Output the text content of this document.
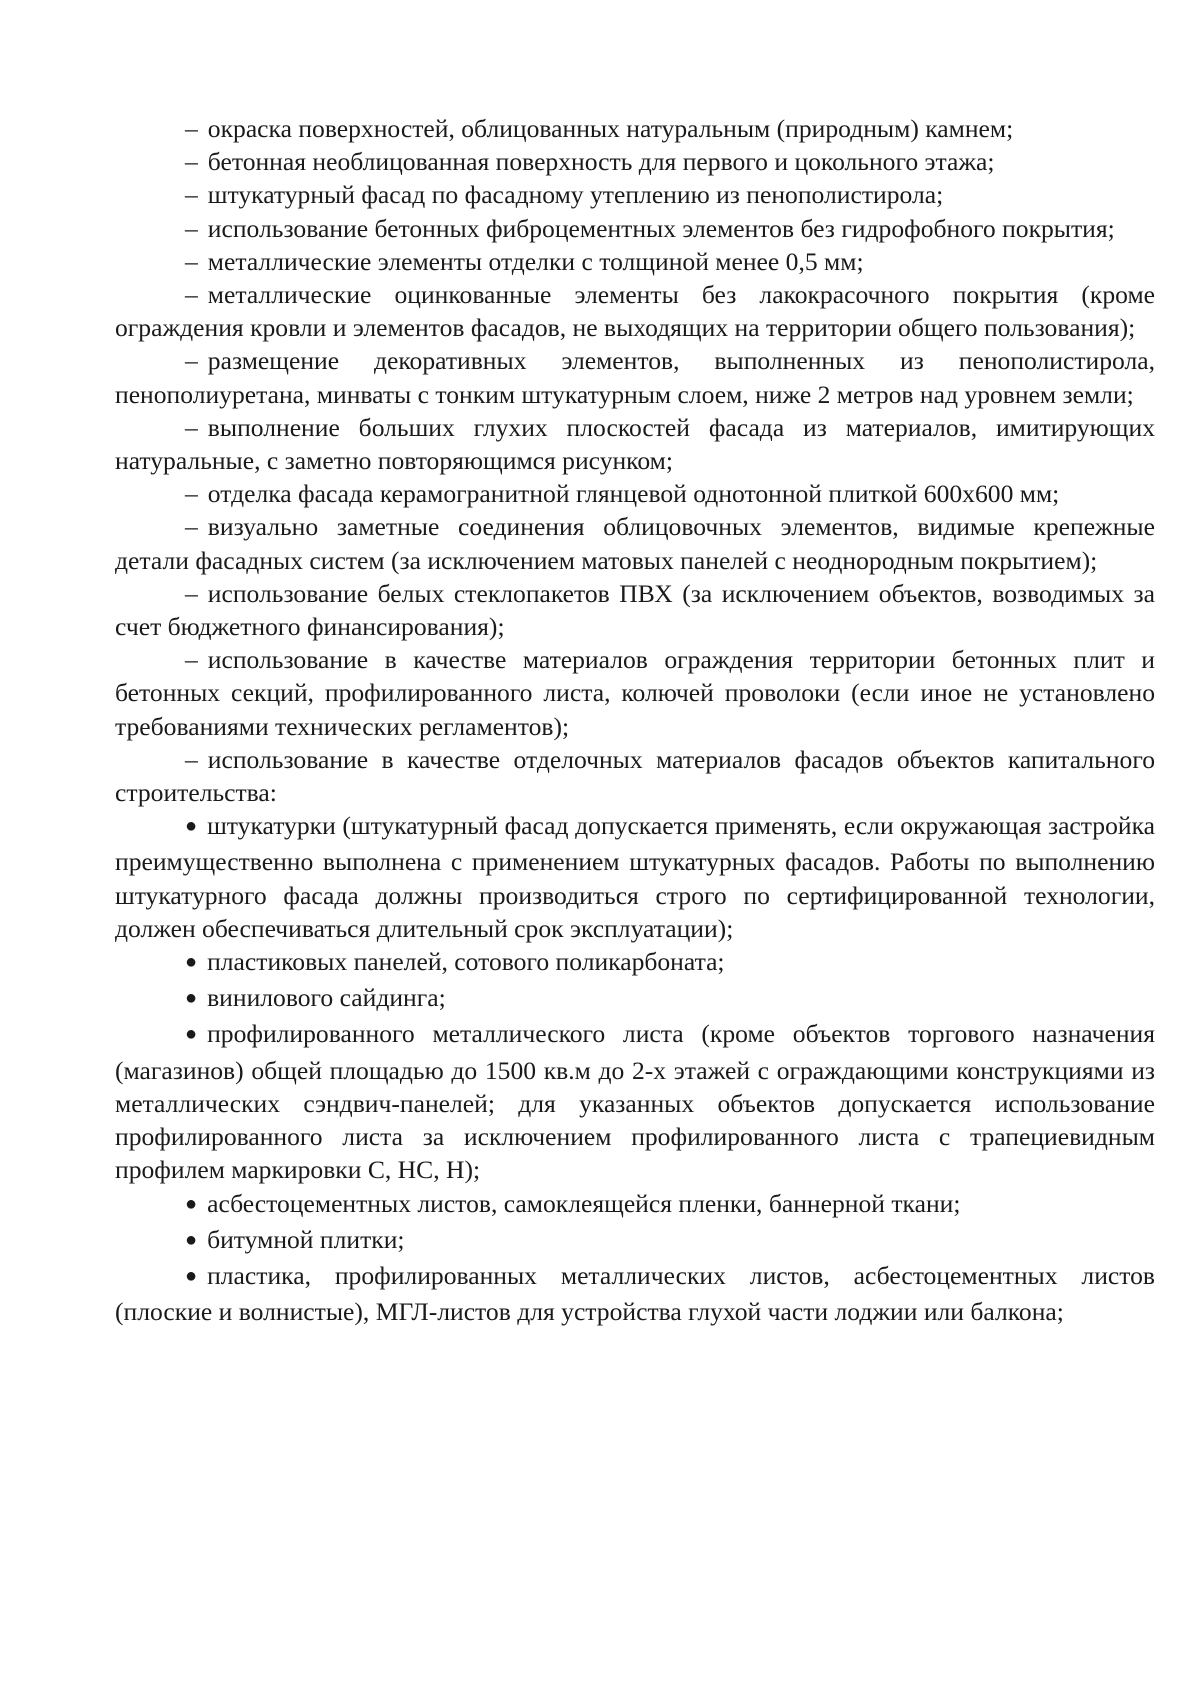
– окраска поверхностей, облицованных натуральным (природным) камнем;

– бетонная необлицованная поверхность для первого и цокольного этажа;

– штукатурный фасад по фасадному утеплению из пенополистирола;

– использование бетонных фиброцементных элементов без гидрофобного покрытия;

– металлические элементы отделки с толщиной менее 0,5 мм;

– металлические оцинкованные элементы без лакокрасочного покрытия (кроме ограждения кровли и элементов фасадов, не выходящих на территории общего пользования);

– размещение декоративных элементов, выполненных из пенополистирола, пенополиуретана, минваты с тонким штукатурным слоем, ниже 2 метров над уровнем земли;

– выполнение больших глухих плоскостей фасада из материалов, имитирующих натуральные, с заметно повторяющимся рисунком;

– отделка фасада керамогранитной глянцевой однотонной плиткой 600х600 мм;

– визуально заметные соединения облицовочных элементов, видимые крепежные детали фасадных систем (за исключением матовых панелей с неоднородным покрытием);

– использование белых стеклопакетов ПВХ (за исключением объектов, возводимых за счет бюджетного финансирования);

– использование в качестве материалов ограждения территории бетонных плит и бетонных секций, профилированного листа, колючей проволоки (если иное не установлено требованиями технических регламентов);

– использование в качестве отделочных материалов фасадов объектов капитального строительства:

● штукатурки (штукатурный фасад допускается применять, если окружающая застройка преимущественно выполнена с применением штукатурных фасадов. Работы по выполнению штукатурного фасада должны производиться строго по сертифицированной технологии, должен обеспечиваться длительный срок эксплуатации);

● пластиковых панелей, сотового поликарбоната;

● винилового сайдинга;

● профилированного металлического листа (кроме объектов торгового назначения (магазинов) общей площадью до 1500 кв.м до 2-х этажей с ограждающими конструкциями из металлических сэндвич-панелей; для указанных объектов допускается использование профилированного листа за исключением профилированного листа с трапециевидным профилем маркировки С, НС, Н);

● асбестоцементных листов, самоклеящейся пленки, баннерной ткани;

● битумной плитки;

● пластика, профилированных металлических листов, асбестоцементных листов (плоские и волнистые), МГЛ-листов для устройства глухой части лоджии или балкона;
